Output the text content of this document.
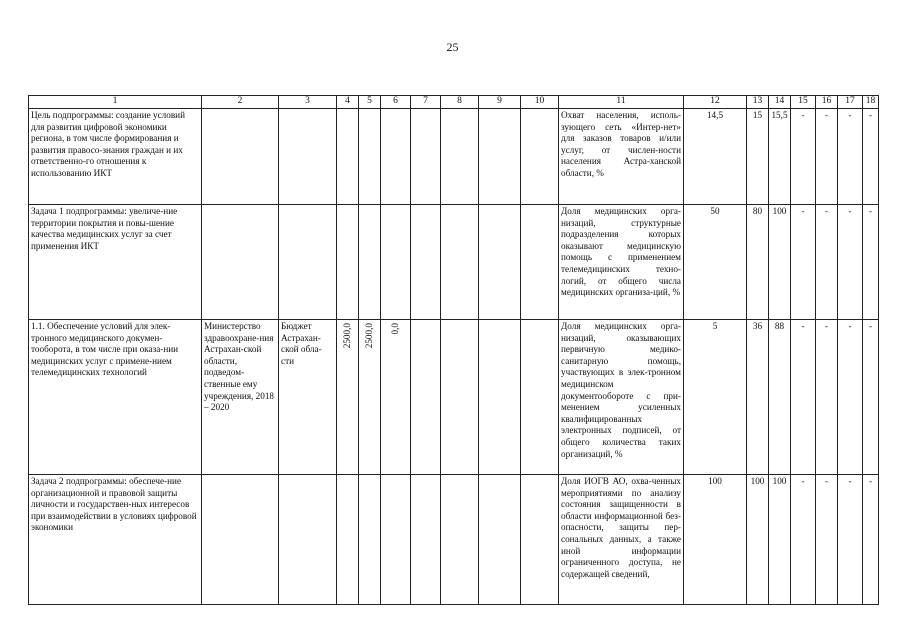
25
1	2	3	4	5	6	7	8	9	10	11	12	13	14	15	16	17	18
Цель подпрограммы: создание условий для развития цифровой экономики региона, в том числе формирования и развития правосо-знания граждан и их ответственно-го отношения к использованию ИКТ										Охват населения, исполь-зующего сеть «Интер-нет» для заказов товаров и/или услуг, от числен-ности населения Астра-ханской области, %	14,5	15	15,5	-	-	-	-
Задача 1 подпрограммы: увеличе-ние территории покрытия и повы-шение качества медицинских услуг за счет применения ИКТ										Доля медицинских орга-низаций, структурные подразделения которых оказывают медицинскую помощь с применением телемедицинских техно-логий, от общего числа медицинских организа-ций, %	50	80	100	-	-	-	-
1.1. Обеспечение условий для элек-тронного медицинского докумен-тооборота, в том числе при оказа-нии медицинских услуг с примене-нием телемедицинских технологий	Министерство здравоохране-ния Астрахан-ской области, подведом-ственные ему учреждения, 2018 – 2020	Бюджет Астрахан-ской обла-сти	2500,0	2500,0	0,0					Доля медицинских орга-низаций, оказывающих первичную медико-санитарную помощь, участвующих в элек-тронном медицинском документообороте с при-менением усиленных квалифицированных электронных подписей, от общего количества таких организаций, %	5	36	88	-	-	-	-
Задача 2 подпрограммы: обеспече-ние организационной и правовой защиты личности и государствен-ных интересов при взаимодействии в условиях цифровой экономики										Доля ИОГВ АО, охва-ченных мероприятиями по анализу состояния защищенности в области информационной без-опасности, защиты пер-сональных данных, а также иной информации ограниченного доступа, не содержащей сведений,	100	100	100	-	-	-	-
